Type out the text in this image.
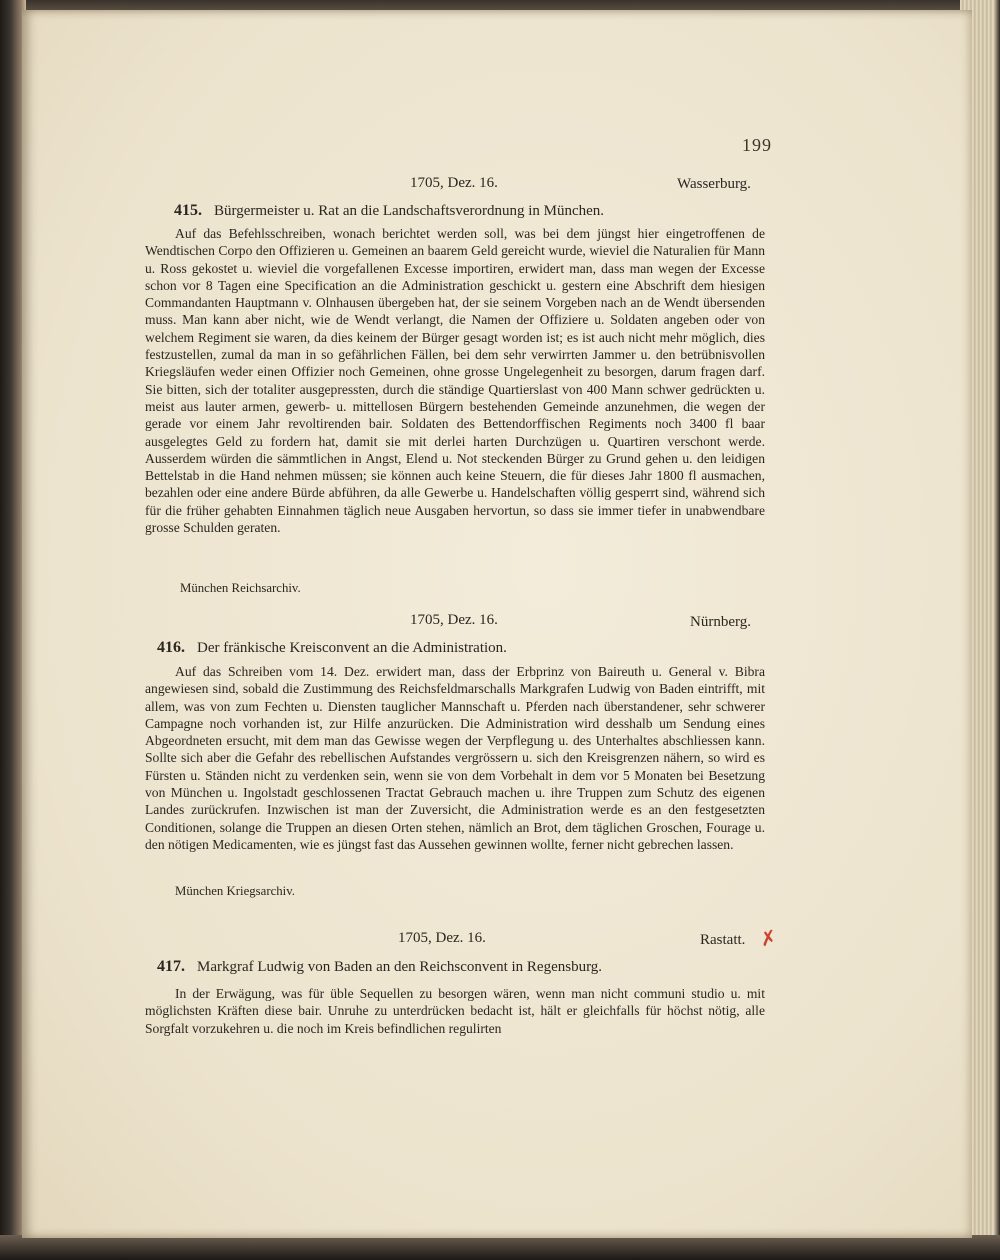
199
1705, Dez. 16.	Wasserburg.
415. Bürgermeister u. Rat an die Landschaftsverordnung in München.

Auf das Befehlsschreiben, wonach berichtet werden soll, was bei dem jüngst hier eingetroffenen de Wendtischen Corpo den Offizieren u. Gemeinen an baarem Geld gereicht wurde, wieviel die Naturalien für Mann u. Ross gekostet u. wieviel die vorgefallenen Excesse importiren, erwidert man, dass man wegen der Excesse schon vor 8 Tagen eine Specification an die Administration geschickt u. gestern eine Abschrift dem hiesigen Commandanten Hauptmann v. Olnhausen übergeben hat, der sie seinem Vorgeben nach an de Wendt übersenden muss. Man kann aber nicht, wie de Wendt verlangt, die Namen der Offiziere u. Soldaten angeben oder von welchem Regiment sie waren, da dies keinem der Bürger gesagt worden ist; es ist auch nicht mehr möglich, dies festzustellen, zumal da man in so gefährlichen Fällen, bei dem sehr verwirrten Jammer u. den betrübnisvollen Kriegsläufen weder einen Offizier noch Gemeinen, ohne grosse Ungelegenheit zu besorgen, darum fragen darf. Sie bitten, sich der totaliter ausgepressten, durch die ständige Quartierslast von 400 Mann schwer gedrückten u. meist aus lauter armen, gewerb- u. mittellosen Bürgern bestehenden Gemeinde anzunehmen, die wegen der gerade vor einem Jahr revoltirenden bair. Soldaten des Bettendorffischen Regiments noch 3400 fl baar ausgelegtes Geld zu fordern hat, damit sie mit derlei harten Durchzügen u. Quartiren verschont werde. Ausserdem würden die sämmtlichen in Angst, Elend u. Not steckenden Bürger zu Grund gehen u. den leidigen Bettelstab in die Hand nehmen müssen; sie können auch keine Steuern, die für dieses Jahr 1800 fl ausmachen, bezahlen oder eine andere Bürde abführen, da alle Gewerbe u. Handelschaften völlig gesperrt sind, während sich für die früher gehabten Einnahmen täglich neue Ausgaben hervortun, so dass sie immer tiefer in unabwendbare grosse Schulden geraten.

München Reichsarchiv.
1705, Dez. 16.	Nürnberg.
416. Der fränkische Kreisconvent an die Administration.

Auf das Schreiben vom 14. Dez. erwidert man, dass der Erbprinz von Baireuth u. General v. Bibra angewiesen sind, sobald die Zustimmung des Reichsfeldmarschalls Markgrafen Ludwig von Baden eintrifft, mit allem, was von zum Fechten u. Diensten tauglicher Mannschaft u. Pferden nach überstandener, sehr schwerer Campagne noch vorhanden ist, zur Hilfe anzurücken. Die Administration wird desshalb um Sendung eines Abgeordneten ersucht, mit dem man das Gewisse wegen der Verpflegung u. des Unterhaltes abschliessen kann. Sollte sich aber die Gefahr des rebellischen Aufstandes vergrössern u. sich den Kreisgrenzen nähern, so wird es Fürsten u. Ständen nicht zu verdenken sein, wenn sie von dem Vorbehalt in dem vor 5 Monaten bei Besetzung von München u. Ingolstadt geschlossenen Tractat Gebrauch machen u. ihre Truppen zum Schutz des eigenen Landes zurückrufen. Inzwischen ist man der Zuversicht, die Administration werde es an den festgesetzten Conditionen, solange die Truppen an diesen Orten stehen, nämlich an Brot, dem täglichen Groschen, Fourage u. den nötigen Medicamenten, wie es jüngst fast das Aussehen gewinnen wollte, ferner nicht gebrechen lassen.

München Kriegsarchiv.
1705, Dez. 16.	Rastatt. ✗
417. Markgraf Ludwig von Baden an den Reichsconvent in Regensburg.

In der Erwägung, was für üble Sequellen zu besorgen wären, wenn man nicht communi studio u. mit möglichsten Kräften diese bair. Unruhe zu unterdrücken bedacht ist, hält er gleichfalls für höchst nötig, alle Sorgfalt vorzukehren u. die noch im Kreis befindlichen regulirten
